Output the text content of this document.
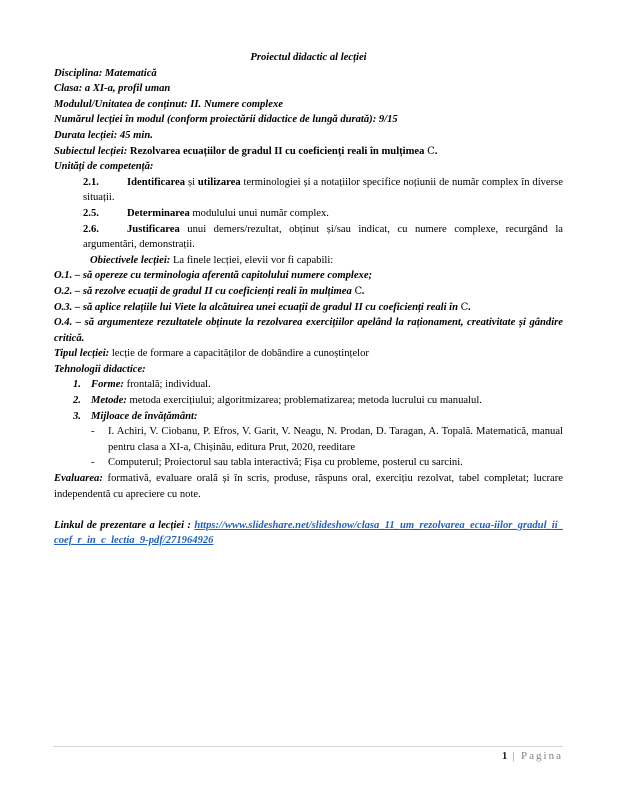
Proiectul didactic al lecției
Disciplina: Matematică
Clasa: a XI-a, profil uman
Modulul/Unitatea de conținut: II. Numere complexe
Numărul lecției în modul (conform proiectării didactice de lungă durată): 9/15
Durata lecției: 45 min.
Subiectul lecției: Rezolvarea ecuațiilor de gradul II cu coeficienți reali în mulțimea C.
Unități de competență:
2.1.	Identificarea și utilizarea terminologiei și a notațiilor specifice noțiunii de număr complex în diverse situații.
2.5.	Determinarea modulului unui număr complex.
2.6.	Justificarea unui demers/rezultat, obținut și/sau indicat, cu numere complexe, recurgând la argumentări, demonstrații.
Obiectivele lecției: La finele lecției, elevii vor fi capabili:
O.1. – să opereze cu terminologia aferentă capitolului numere complexe;
O.2. – să rezolve ecuații de gradul II cu coeficienți reali în mulțimea C.
O.3. – să aplice relațiile lui Viete la alcătuirea unei ecuații de gradul II cu coeficienți reali în C.
O.4. – să argumenteze rezultatele obținute la rezolvarea exercițiilor apelând la raționament, creativitate și gândire critică.
Tipul lecției: lecție de formare a capacităților de dobândire a cunoștințelor
Tehnologii didactice:
1. Forme: frontală; individual.
2. Metode: metoda exercițiului; algoritmizarea; problematizarea; metoda lucrului cu manualul.
3. Mijloace de învățământ:
- I. Achiri, V. Ciobanu, P. Efros, V. Garit, V. Neagu, N. Prodan, D. Taragan, A. Topală. Matematică, manual pentru clasa a XI-a, Chișinău, editura Prut, 2020, reeditare
- Computerul; Proiectorul sau tabla interactivă; Fișa cu probleme, posterul cu sarcini.
Evaluarea: formativă, evaluare orală și în scris, produse, răspuns oral, exercițiu rezolvat, tabel completat; lucrare independentă cu apreciere cu note.
Linkul de prezentare a lecției : https://www.slideshare.net/slideshow/clasa_11_um_rezolvarea_ecua-iilor_gradul_ii_coef_r_in_c_lectia_9-pdf/271964926
1 | Pagina
